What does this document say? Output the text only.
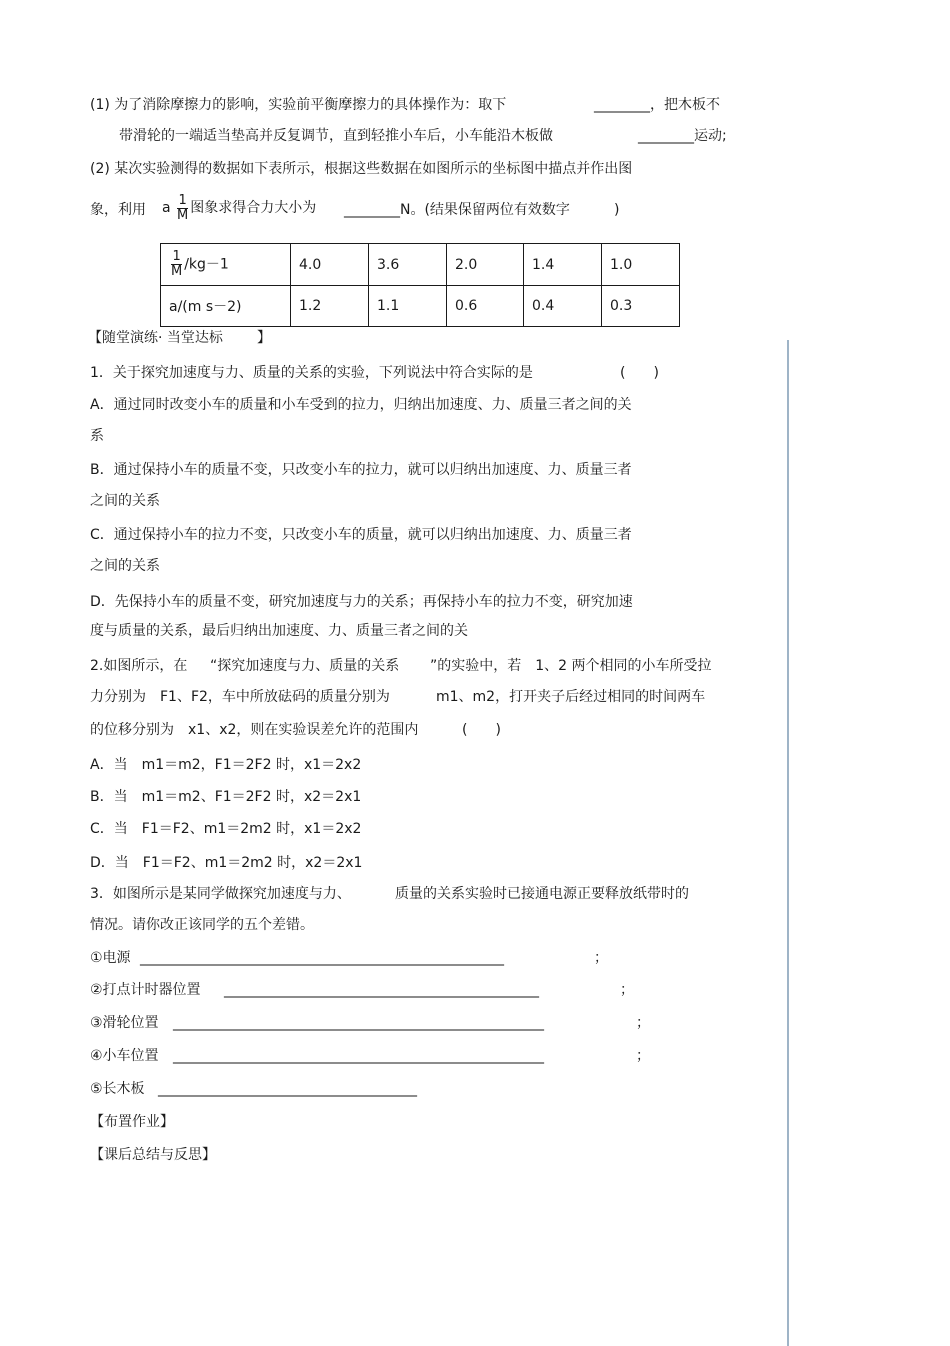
(1) 为了消除摩擦力的影响，实验前平衡摩擦力的具体操作为：取下	________，把木板不
带滑轮的一端适当垫高并反复调节，直到轻推小车后，小车能沿木板做	________运动;
(2) 某次实验测得的数据如下表所示，根据这些数据在如图所示的坐标图中描点并作出图
象，利用 a $\frac{1}{M}$ 图象求得合力大小为 ________N。(结果保留两位有效数字	)
$\frac{1}{M} /kg-1$	4.0	3.6	2.0	1.4	1.0
a/(m s－2)	1.2	1.1	0.6	0.4	0.3
【随堂演练· 当堂达标 】
1．关于探究加速度与力、质量的关系的实验，下列说法中符合实际的是	(　　)
A．通过同时改变小车的质量和小车受到的拉力，归纳出加速度、力、质量三者之间的关
系
B．通过保持小车的质量不变，只改变小车的拉力，就可以归纳出加速度、力、质量三者
之间的关系
C．通过保持小车的拉力不变，只改变小车的质量，就可以归纳出加速度、力、质量三者
之间的关系
D．先保持小车的质量不变，研究加速度与力的关系；再保持小车的拉力不变，研究加速
度与质量的关系，最后归纳出加速度、力、质量三者之间的关
2.如图所示，在 “探究加速度与力、质量的关系 ”的实验中，若　1、2 两个相同的小车所受拉
力分别为　F1、F2，车中所放砝码的质量分别为	m1、m2，打开夹子后经过相同的时间两车
的位移分别为　x1、x2，则在实验误差允许的范围内	(　　)
A．当　m1＝m2，F1＝2F2 时，x1＝2x2
B．当　m1＝m2、F1＝2F2 时，x2＝2x1
C．当　F1＝F2、m1＝2m2 时，x1＝2x2
D．当　F1＝F2、m1＝2m2 时，x2＝2x1
3．如图所示是某同学做探究加速度与力、	质量的关系实验时已接通电源正要释放纸带时的
情况。请你改正该同学的五个差错。
①电源 ____________________________________________________	；
②打点计时器位置 _____________________________________________	；
③滑轮位置 _____________________________________________________	；
④小车位置 _____________________________________________________	；
⑤长木板 _____________________________________
【布置作业】
【课后总结与反思】
